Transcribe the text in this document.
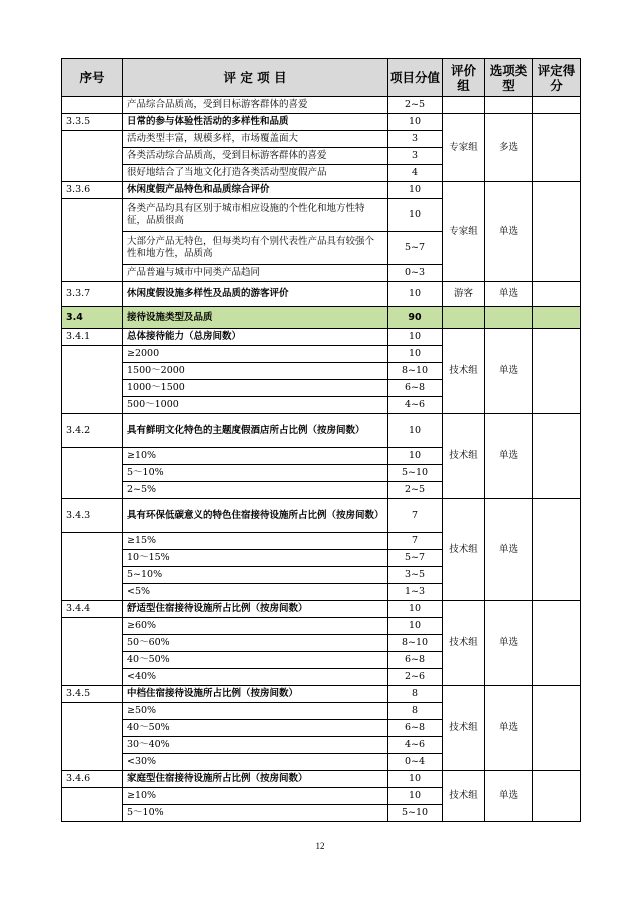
序号	评 定 项 目	项目分值	评价组	选项类型	评定得分
	产品综合品质高，受到目标游客群体的喜爱	2~5			
3.3.5	日常的参与体验性活动的多样性和品质	10	专家组	多选	
	活动类型丰富，规模多样，市场覆盖面大	3			
	各类活动综合品质高，受到目标游客群体的喜爱	3			
	很好地结合了当地文化打造各类活动型度假产品	4			
3.3.6	休闲度假产品特色和品质综合评价	10	专家组	单选	
	各类产品均具有区别于城市相应设施的个性化和地方性特征，品质很高	10			
	大部分产品无特色，但每类均有个别代表性产品具有较强个性和地方性，品质高	5~7			
	产品普遍与城市中同类产品趋同	0~3			
3.3.7	休闲度假设施多样性及品质的游客评价	10	游客	单选	
3.4	接待设施类型及品质	90			
3.4.1	总体接待能力（总房间数）	10	技术组	单选	
	≥2000	10			
	1500～2000	8~10			
	1000～1500	6~8			
	500～1000	4~6			
3.4.2	具有鲜明文化特色的主题度假酒店所占比例（按房间数）	10	技术组	单选	
	≥10%	10			
	5～10%	5~10			
	2~5%	2~5			
3.4.3	具有环保低碳意义的特色住宿接待设施所占比例（按房间数）	7	技术组	单选	
	≥15%	7			
	10～15%	5~7			
	5~10%	3~5			
	<5%	1~3			
3.4.4	舒适型住宿接待设施所占比例（按房间数）	10	技术组	单选	
	≥60%	10			
	50～60%	8~10			
	40～50%	6~8			
	<40%	2~6			
3.4.5	中档住宿接待设施所占比例（按房间数）	8	技术组	单选	
	≥50%	8			
	40～50%	6~8			
	30～40%	4~6			
	<30%	0~4			
3.4.6	家庭型住宿接待设施所占比例（按房间数）	10	技术组	单选	
	≥10%	10			
	5～10%	5~10			
12
